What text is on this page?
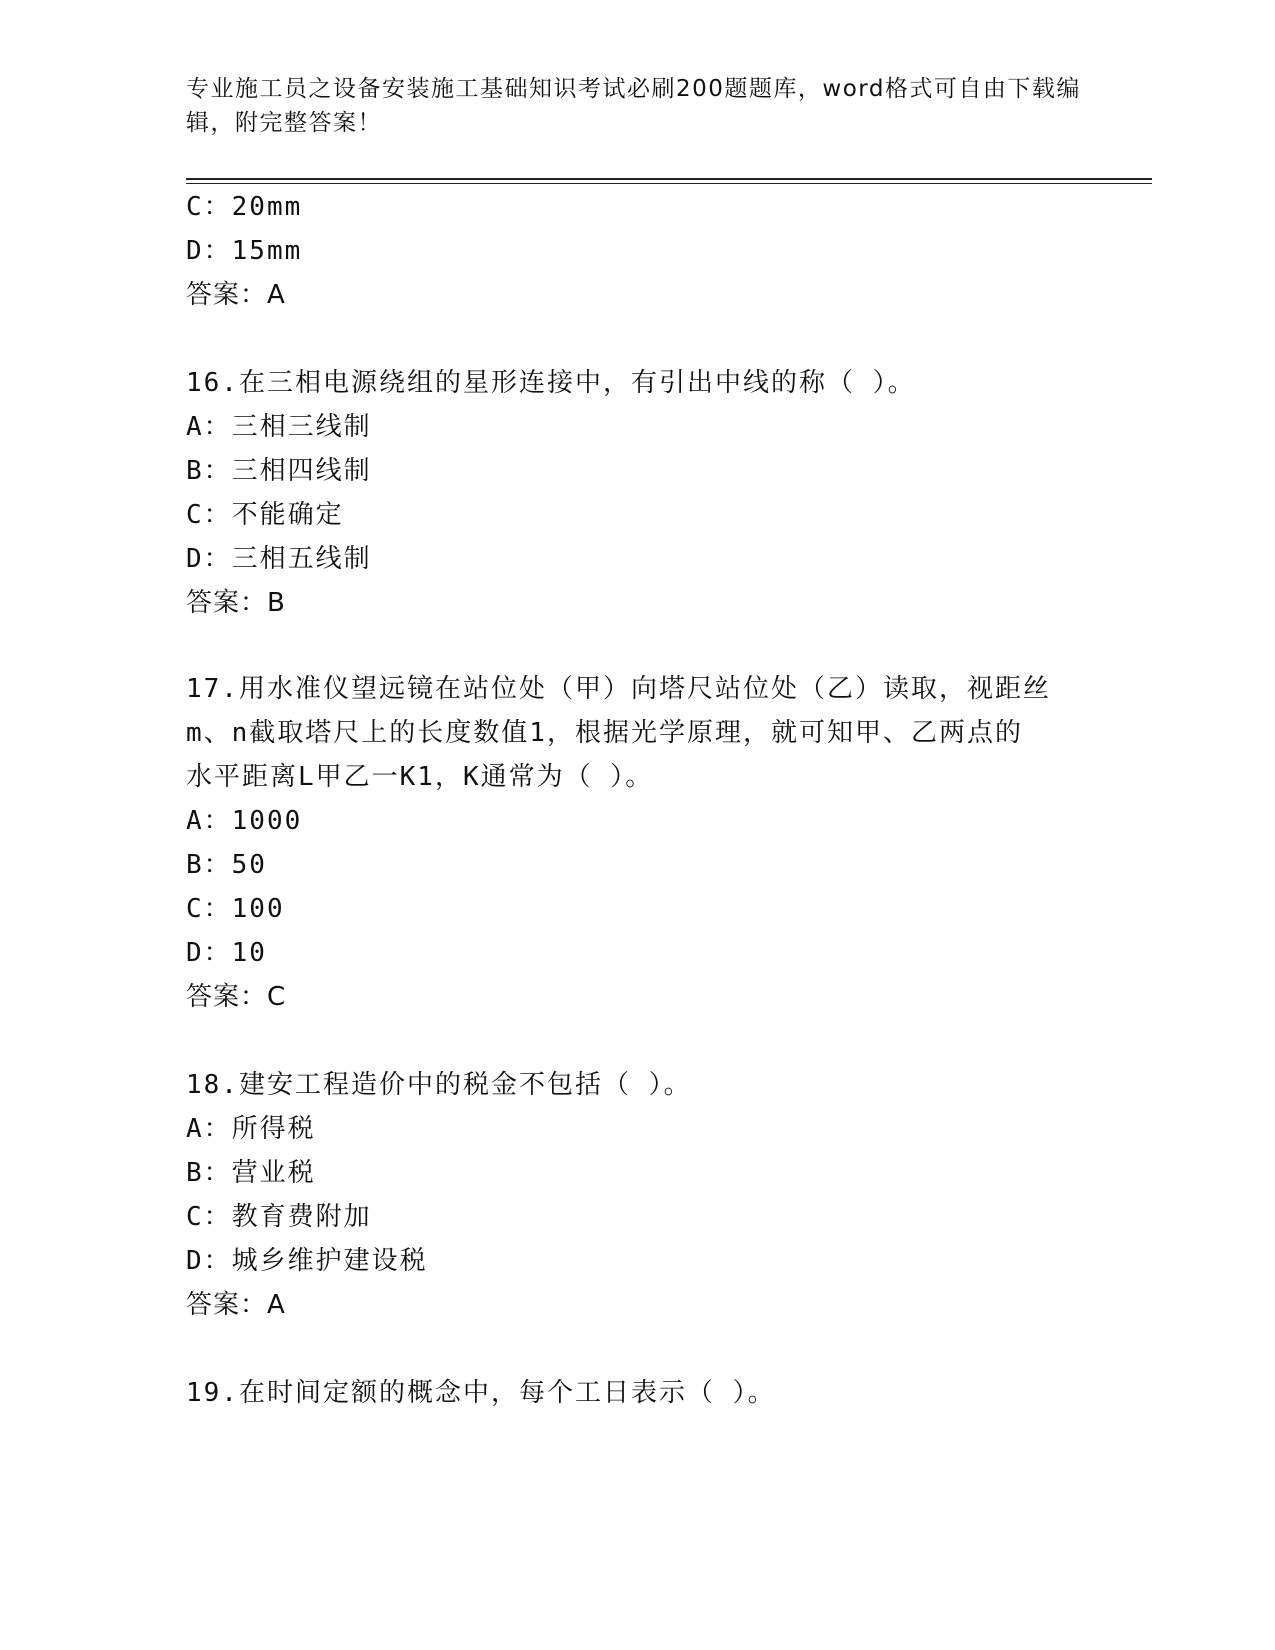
专业施工员之设备安装施工基础知识考试必刷200题题库，word格式可自由下载编辑，附完整答案！
C：20mm
D：15mm
答案：A
16.在三相电源绕组的星形连接中，有引出中线的称（ ）。
A：三相三线制
B：三相四线制
C：不能确定
D：三相五线制
答案：B
17.用水准仪望远镜在站位处（甲）向塔尺站位处（乙）读取，视距丝
m、n截取塔尺上的长度数值1，根据光学原理，就可知甲、乙两点的
水平距离L甲乙一K1，K通常为（ ）。
A：1000
B：50
C：100
D：10
答案：C
18.建安工程造价中的税金不包括（ ）。
A：所得税
B：营业税
C：教育费附加
D：城乡维护建设税
答案：A
19.在时间定额的概念中，每个工日表示（ ）。
